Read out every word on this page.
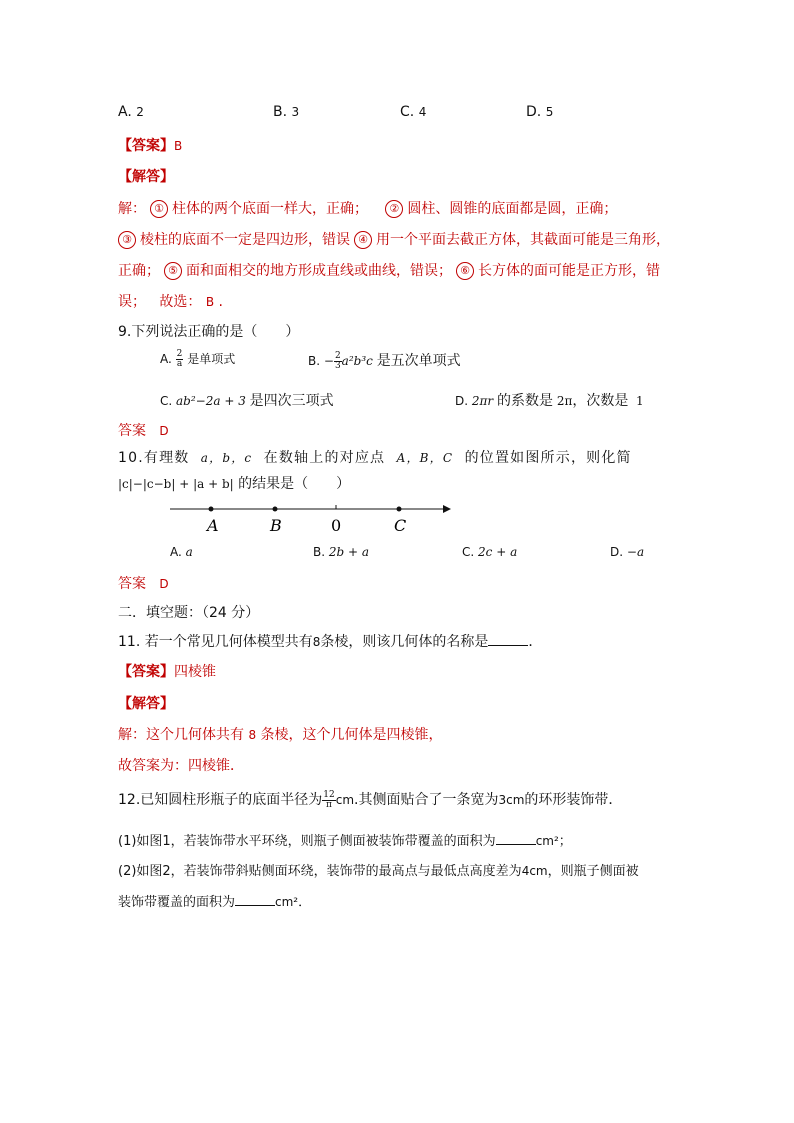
A. 2	B. 3	C. 4	D. 5
【答案】B
【解答】
解： ① 柱体的两个底面一样大，正确； ② 圆柱、圆锥的底面都是圆，正确；
③ 棱柱的底面不一定是四边形，错误 ④ 用一个平面去截正方体，其截面可能是三角形，
正确； ⑤ 面和面相交的地方形成直线或曲线，错误； ⑥ 长方体的面可能是正方形，错
误； 故选： B .
9.下列说法正确的是（　　）
A. $\frac{2}{a}$ 是单项式	B. − $\frac{2}{3} a^2b^3c$ 是五次单项式
C. ab²−2a + 3 是四次三项式	D. 2πr 的系数是 2π，次数是 1
答案 D
10.有理数 a，b，c 在数轴上的对应点 A，B，C 的位置如图所示，则化简
|c|−|c−b| + |a + b| 的结果是（　　）
A	B	0	C
A. a	B. 2b + a	C. 2c + a	D. −a
答案 D
二．填空题：（24 分）
11. 若一个常见几何体模型共有8条棱，则该几何体的名称是	．
【答案】四棱锥
【解答】
解：这个几何体共有 8 条棱，这个几何体是四棱锥，
故答案为：四棱锥．
12.已知圆柱形瓶子的底面半径为 $\frac{12}{\pi}$ cm.其侧面贴合了一条宽为3cm的环形装饰带．
(1)如图1，若装饰带水平环绕，则瓶子侧面被装饰带覆盖的面积为	cm²；
(2)如图2，若装饰带斜贴侧面环绕，装饰带的最高点与最低点高度差为4cm，则瓶子侧面被
装饰带覆盖的面积为	cm²．
